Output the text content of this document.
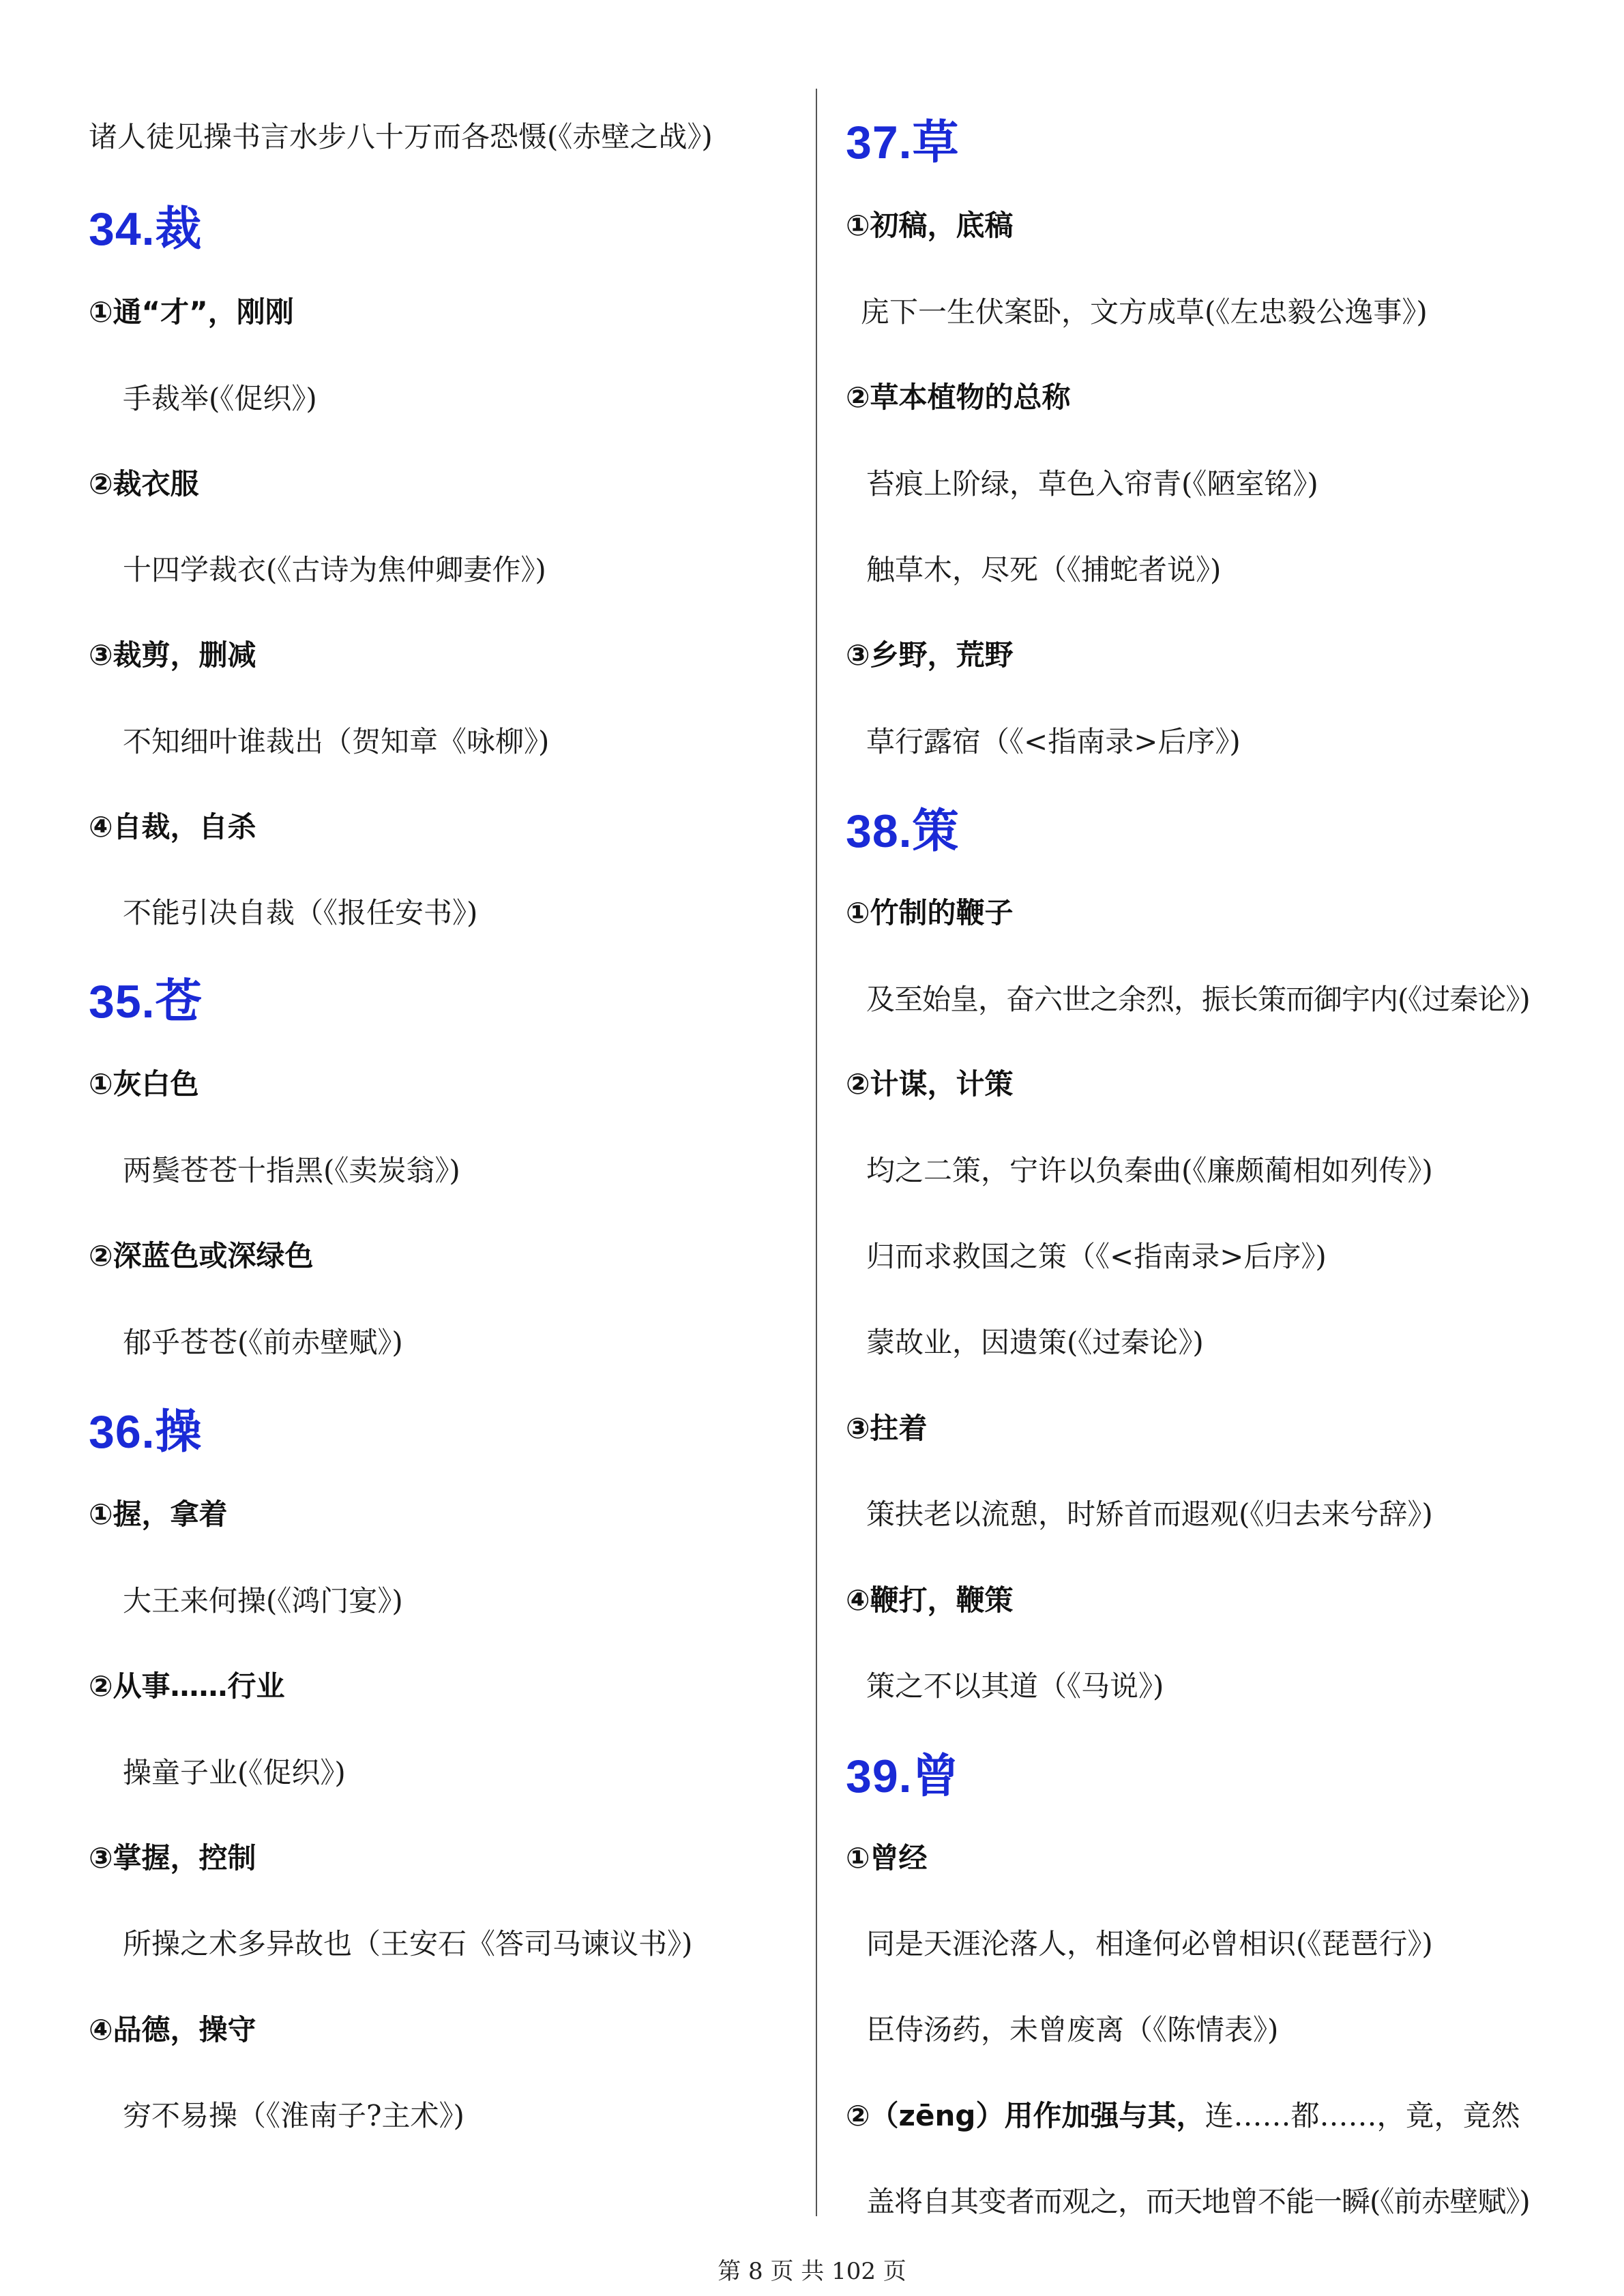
诸人徒见操书言水步八十万而各恐慑(《赤壁之战》)
34.裁
①通“才”，刚刚
手裁举(《促织》)
②裁衣服
十四学裁衣(《古诗为焦仲卿妻作》)
③裁剪，删减
不知细叶谁裁出（贺知章《咏柳》)
④自裁，自杀
不能引决自裁（《报任安书》)
35.苍
①灰白色
两鬓苍苍十指黑(《卖炭翁》)
②深蓝色或深绿色
郁乎苍苍(《前赤壁赋》)
36.操
①握，拿着
大王来何操(《鸿门宴》)
②从事……行业
操童子业(《促织》)
③掌握，控制
所操之术多异故也（王安石《答司马谏议书》)
④品德，操守
穷不易操（《淮南子?主术》)
37.草
①初稿，底稿
庑下一生伏案卧，文方成草(《左忠毅公逸事》)
②草本植物的总称
苔痕上阶绿，草色入帘青(《陋室铭》)
触草木，尽死（《捕蛇者说》)
③乡野，荒野
草行露宿（《<指南录>后序》)
38.策
①竹制的鞭子
及至始皇，奋六世之余烈，振长策而御宇内(《过秦论》)
②计谋，计策
均之二策，宁许以负秦曲(《廉颇蔺相如列传》)
归而求救国之策（《<指南录>后序》)
蒙故业，因遗策(《过秦论》)
③拄着
策扶老以流憩，时矫首而遐观(《归去来兮辞》)
④鞭打，鞭策
策之不以其道（《马说》)
39.曾
①曾经
同是天涯沦落人，相逢何必曾相识(《琵琶行》)
臣侍汤药，未曾废离（《陈情表》)
②（zēng）用作加强与其，连……都……，竟，竟然
盖将自其变者而观之，而天地曾不能一瞬(《前赤壁赋》)
第 8 页 共 102 页
